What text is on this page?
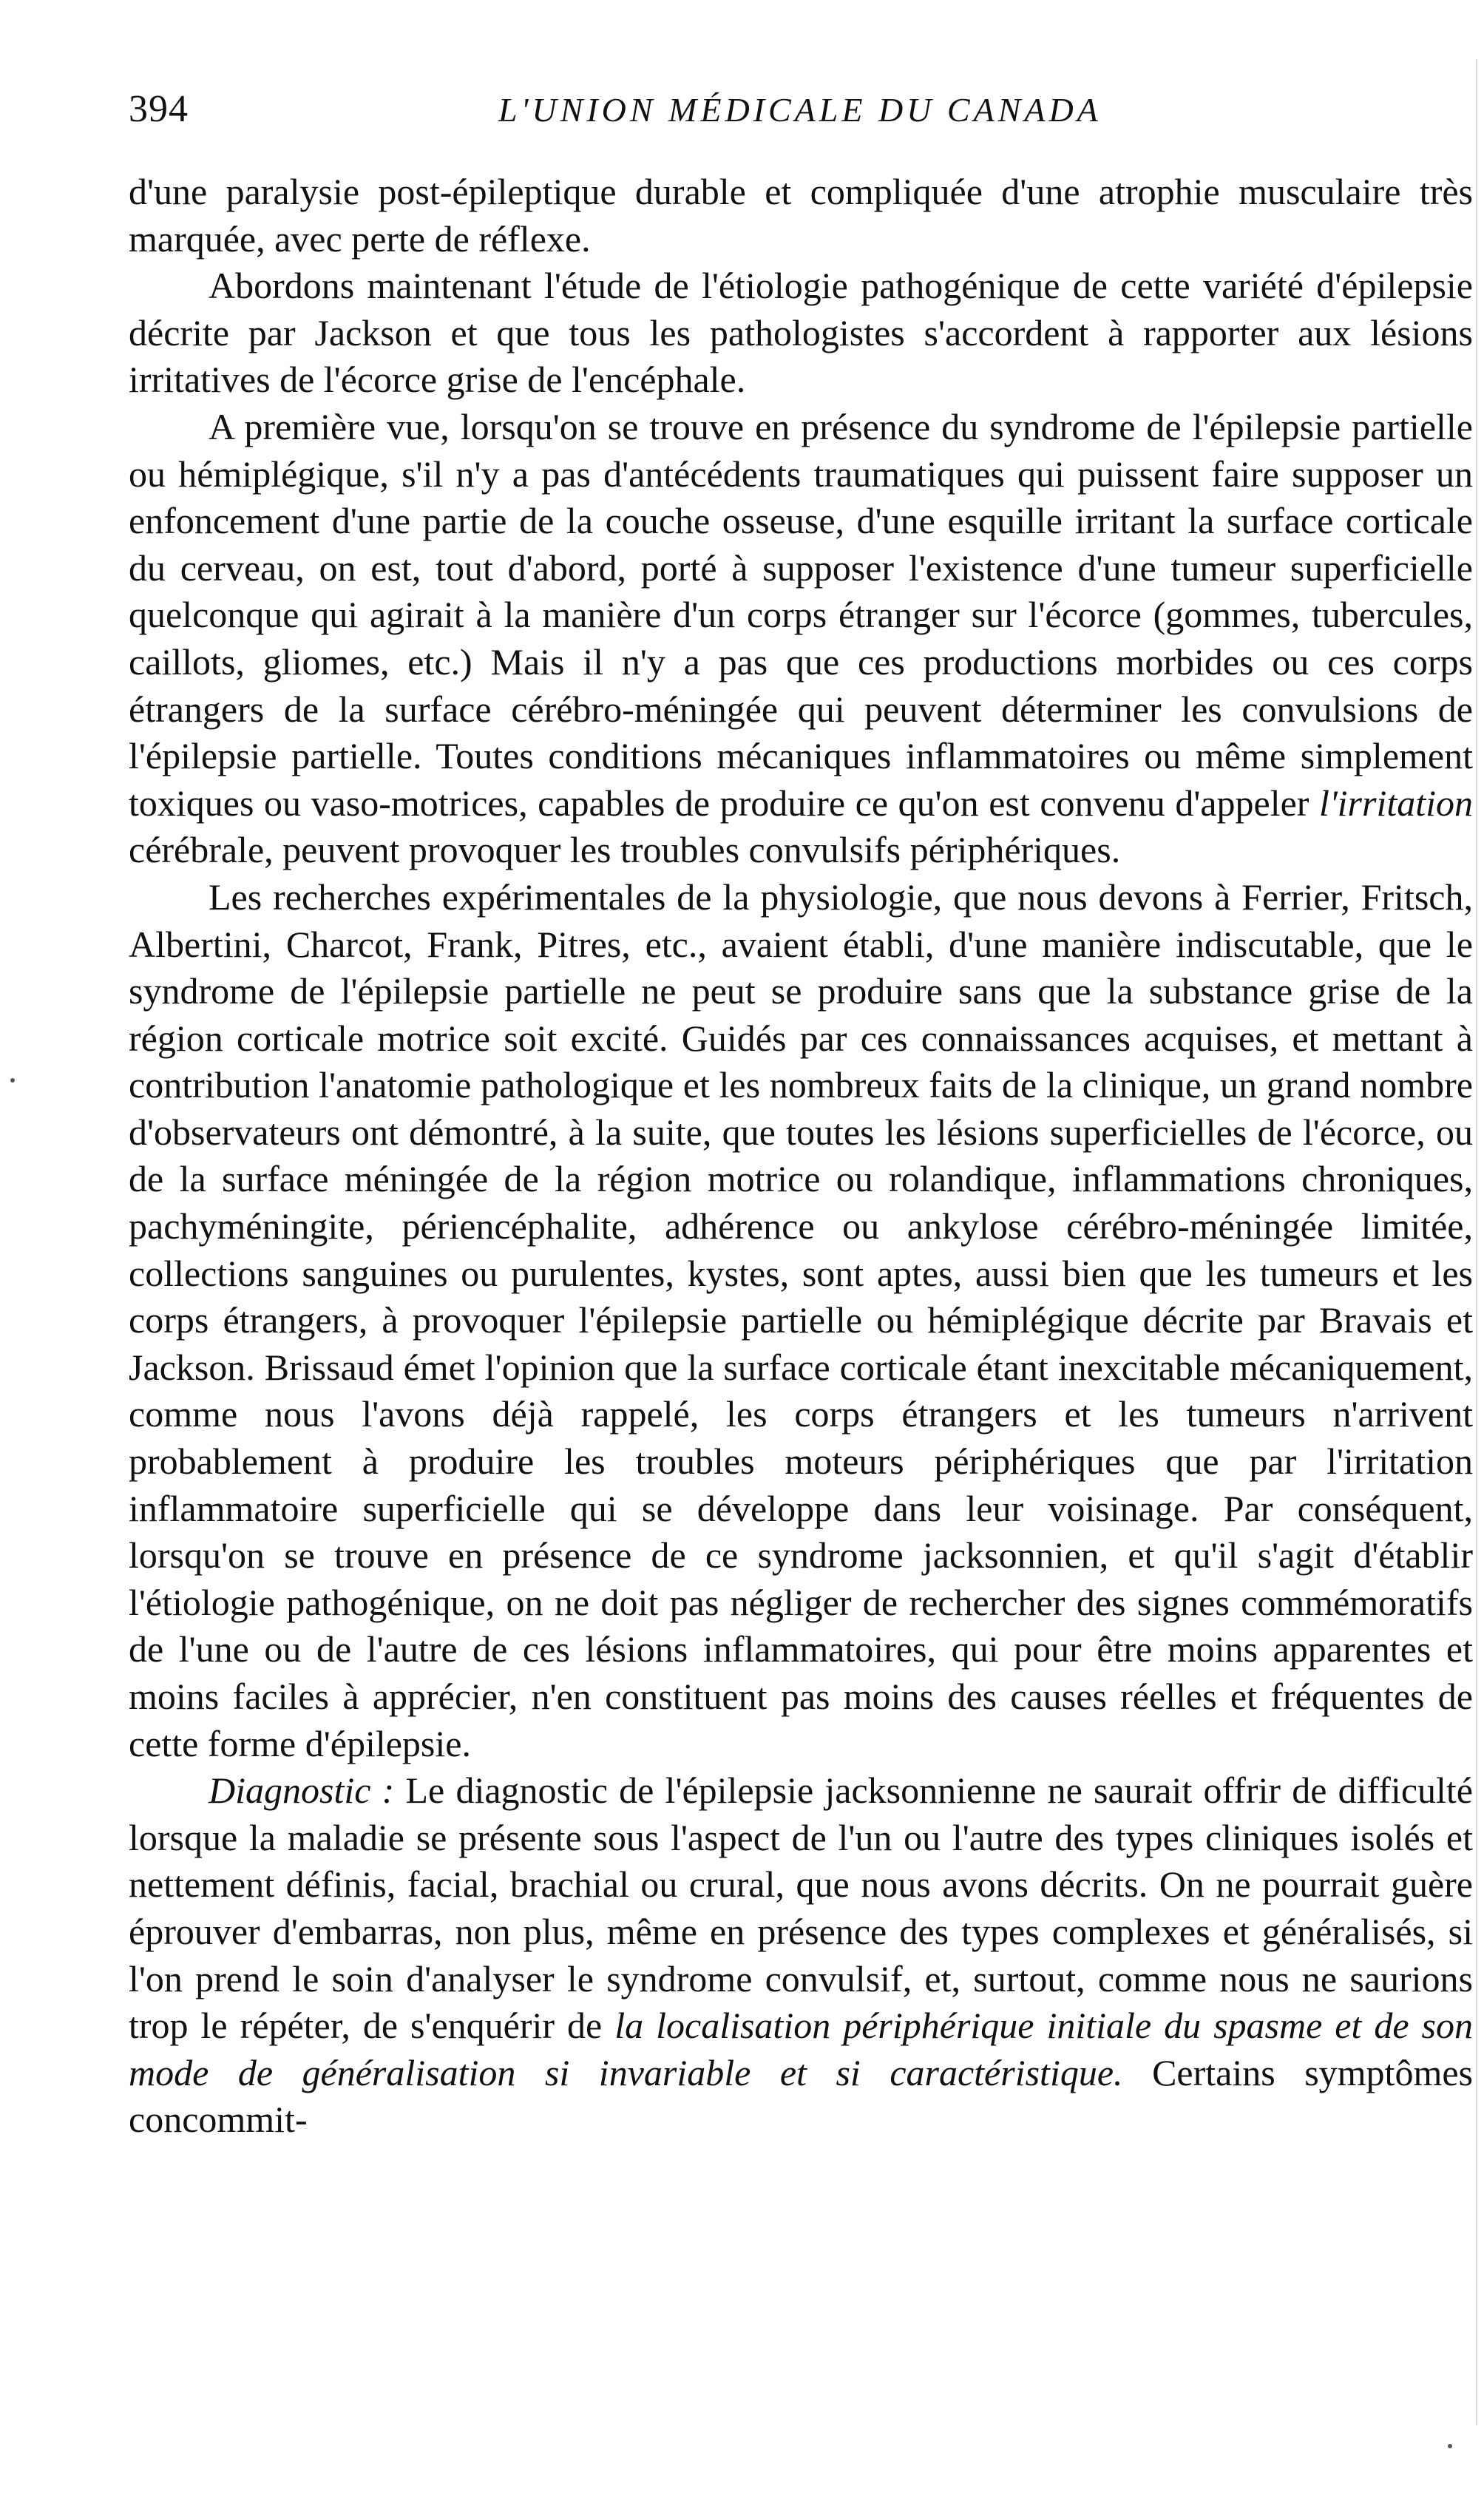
394	L'UNION MÉDICALE DU CANADA

d'une paralysie post-épileptique durable et compliquée d'une atrophie musculaire très marquée, avec perte de réflexe.

Abordons maintenant l'étude de l'étiologie pathogénique de cette variété d'épilepsie décrite par Jackson et que tous les pathologistes s'accordent à rapporter aux lésions irritatives de l'écorce grise de l'encéphale.

A première vue, lorsqu'on se trouve en présence du syndrome de l'épilepsie partielle ou hémiplégique, s'il n'y a pas d'antécédents traumatiques qui puissent faire supposer un enfoncement d'une partie de la couche osseuse, d'une esquille irritant la surface corticale du cerveau, on est, tout d'abord, porté à supposer l'existence d'une tumeur superficielle quelconque qui agirait à la manière d'un corps étranger sur l'écorce (gommes, tubercules, caillots, gliomes, etc.) Mais il n'y a pas que ces productions morbides ou ces corps étrangers de la surface cérébro-méningée qui peuvent déterminer les convulsions de l'épilepsie partielle. Toutes conditions mécaniques inflammatoires ou même simplement toxiques ou vaso-motrices, capables de produire ce qu'on est convenu d'appeler l'irritation cérébrale, peuvent provoquer les troubles convulsifs périphériques.

Les recherches expérimentales de la physiologie, que nous devons à Ferrier, Fritsch, Albertini, Charcot, Frank, Pitres, etc., avaient établi, d'une manière indiscutable, que le syndrome de l'épilepsie partielle ne peut se produire sans que la substance grise de la région corticale motrice soit excité. Guidés par ces connaissances acquises, et mettant à contribution l'anatomie pathologique et les nombreux faits de la clinique, un grand nombre d'observateurs ont démontré, à la suite, que toutes les lésions superficielles de l'écorce, ou de la surface méningée de la région motrice ou rolandique, inflammations chroniques, pachyméningite, périencéphalite, adhérence ou ankylose cérébro-méningée limitée, collections sanguines ou purulentes, kystes, sont aptes, aussi bien que les tumeurs et les corps étrangers, à provoquer l'épilepsie partielle ou hémiplégique décrite par Bravais et Jackson. Brissaud émet l'opinion que la surface corticale étant inexcitable mécaniquement, comme nous l'avons déjà rappelé, les corps étrangers et les tumeurs n'arrivent probablement à produire les troubles moteurs périphériques que par l'irritation inflammatoire superficielle qui se développe dans leur voisinage. Par conséquent, lorsqu'on se trouve en présence de ce syndrome jacksonnien, et qu'il s'agit d'établir l'étiologie pathogénique, on ne doit pas négliger de rechercher des signes commémoratifs de l'une ou de l'autre de ces lésions inflammatoires, qui pour être moins apparentes et moins faciles à apprécier, n'en constituent pas moins des causes réelles et fréquentes de cette forme d'épilepsie.

Diagnostic : Le diagnostic de l'épilepsie jacksonnienne ne saurait offrir de difficulté lorsque la maladie se présente sous l'aspect de l'un ou l'autre des types cliniques isolés et nettement définis, facial, brachial ou crural, que nous avons décrits. On ne pourrait guère éprouver d'embarras, non plus, même en présence des types complexes et généralisés, si l'on prend le soin d'analyser le syndrome convulsif, et, surtout, comme nous ne saurions trop le répéter, de s'enquérir de la localisation périphérique initiale du spasme et de son mode de généralisation si invariable et si caractéristique. Certains symptômes concommit-
